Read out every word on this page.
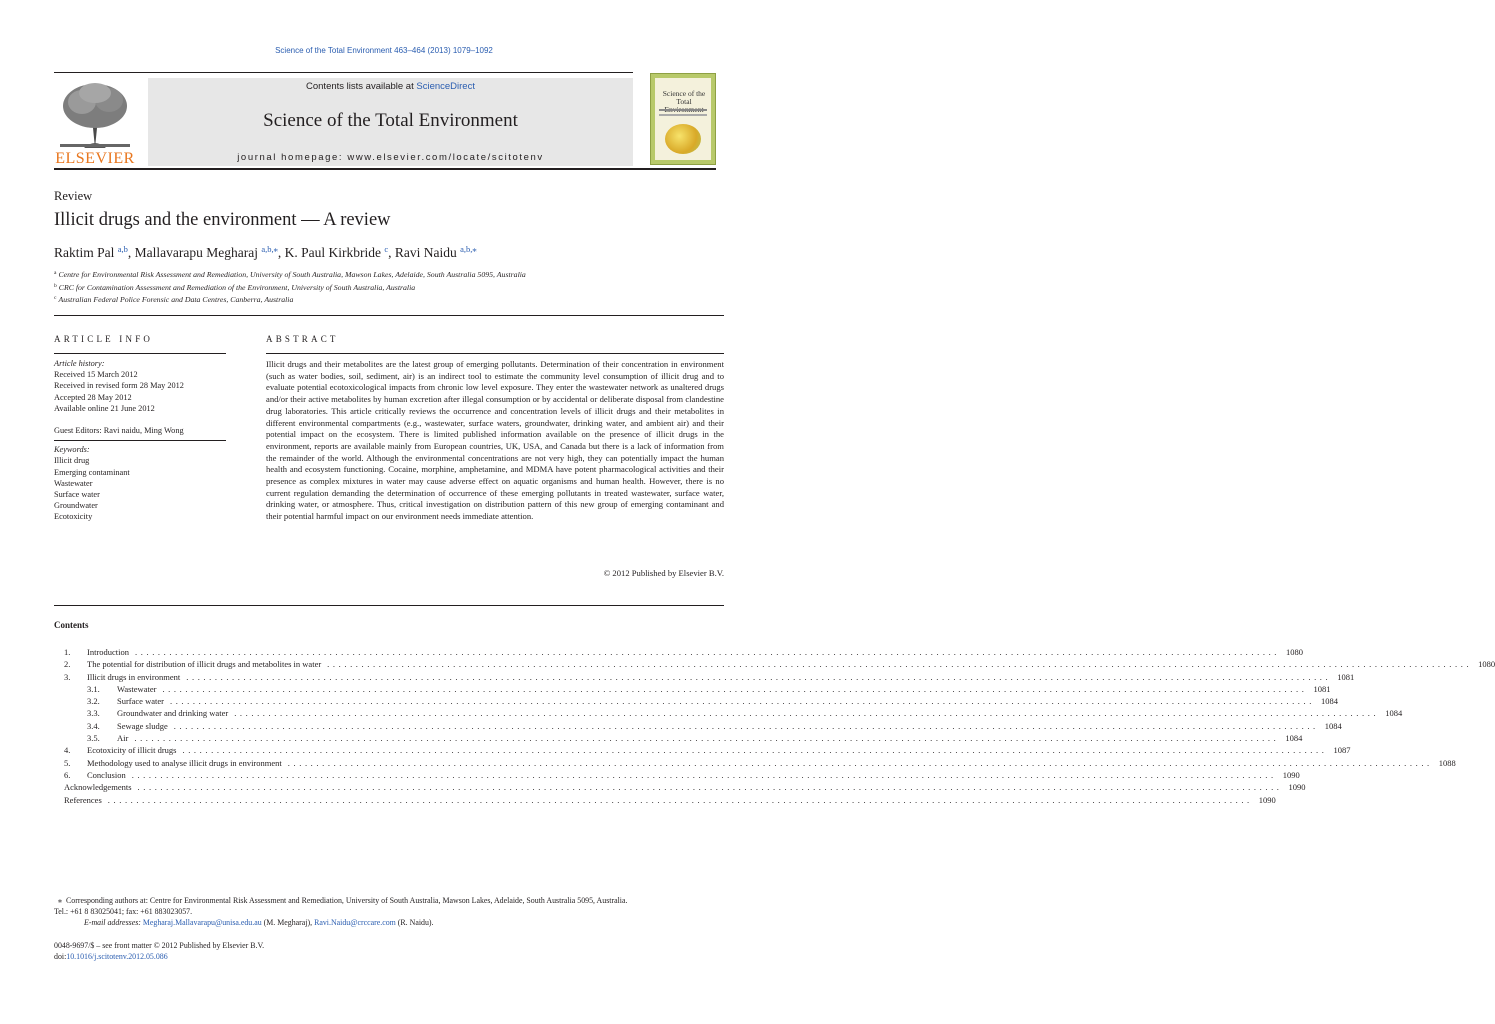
Science of the Total Environment 463–464 (2013) 1079–1092
ELSEVIER
Contents lists available at ScienceDirect
Science of the Total Environment
journal homepage: www.elsevier.com/locate/scitotenv
Science of the Total Environment
Review
Illicit drugs and the environment — A review
Raktim Pal $^{a,b}$, Mallavarapu Megharaj $^{a,b,⁎}$, K. Paul Kirkbride $^c$, Ravi Naidu $^{a,b,⁎}$
$^a$ Centre for Environmental Risk Assessment and Remediation, University of South Australia, Mawson Lakes, Adelaide, South Australia 5095, Australia
$^b$ CRC for Contamination Assessment and Remediation of the Environment, University of South Australia, Australia
$^c$ Australian Federal Police Forensic and Data Centres, Canberra, Australia
ARTICLE INFO
Article history:
Received 15 March 2012
Received in revised form 28 May 2012
Accepted 28 May 2012
Available online 21 June 2012
Guest Editors: Ravi naidu, Ming Wong
Keywords:
Illicit drug
Emerging contaminant
Wastewater
Surface water
Groundwater
Ecotoxicity
ABSTRACT
Illicit drugs and their metabolites are the latest group of emerging pollutants. Determination of their concentration in environment (such as water bodies, soil, sediment, air) is an indirect tool to estimate the community level consumption of illicit drug and to evaluate potential ecotoxicological impacts from chronic low level exposure. They enter the wastewater network as unaltered drugs and/or their active metabolites by human excretion after illegal consumption or by accidental or deliberate disposal from clandestine drug laboratories. This article critically reviews the occurrence and concentration levels of illicit drugs and their metabolites in different environmental compartments (e.g., wastewater, surface waters, groundwater, drinking water, and ambient air) and their potential impact on the ecosystem. There is limited published information available on the presence of illicit drugs in the environment, reports are available mainly from European countries, UK, USA, and Canada but there is a lack of information from the remainder of the world. Although the environmental concentrations are not very high, they can potentially impact the human health and ecosystem functioning. Cocaine, morphine, amphetamine, and MDMA have potent pharmacological activities and their presence as complex mixtures in water may cause adverse effect on aquatic organisms and human health. However, there is no current regulation demanding the determination of occurrence of these emerging pollutants in treated wastewater, surface water, drinking water, or atmosphere. Thus, critical investigation on distribution pattern of this new group of emerging contaminant and their potential harmful impact on our environment needs immediate attention.
© 2012 Published by Elsevier B.V.
Contents
1.	Introduction ........................................................................................................................................................................................................ 1080
2.	The potential for distribution of illicit drugs and metabolites in water ........................................................................................................................................................................................................ 1080
3.	Illicit drugs in environment ........................................................................................................................................................................................................ 1081
3.1.	Wastewater ........................................................................................................................................................................................................ 1081
3.2.	Surface water ........................................................................................................................................................................................................ 1084
3.3.	Groundwater and drinking water ........................................................................................................................................................................................................ 1084
3.4.	Sewage sludge ........................................................................................................................................................................................................ 1084
3.5.	Air ........................................................................................................................................................................................................ 1084
4.	Ecotoxicity of illicit drugs ........................................................................................................................................................................................................ 1087
5.	Methodology used to analyse illicit drugs in environment ........................................................................................................................................................................................................ 1088
6.	Conclusion ........................................................................................................................................................................................................ 1090
Acknowledgements ........................................................................................................................................................................................................ 1090
References ........................................................................................................................................................................................................ 1090
⁎ Corresponding authors at: Centre for Environmental Risk Assessment and Remediation, University of South Australia, Mawson Lakes, Adelaide, South Australia 5095, Australia.
Tel.: +61 8 83025041; fax: +61 883023057.
E-mail addresses: Megharaj.Mallavarapu@unisa.edu.au (M. Megharaj), Ravi.Naidu@crccare.com (R. Naidu).
0048-9697/$ – see front matter © 2012 Published by Elsevier B.V.
doi:10.1016/j.scitotenv.2012.05.086
